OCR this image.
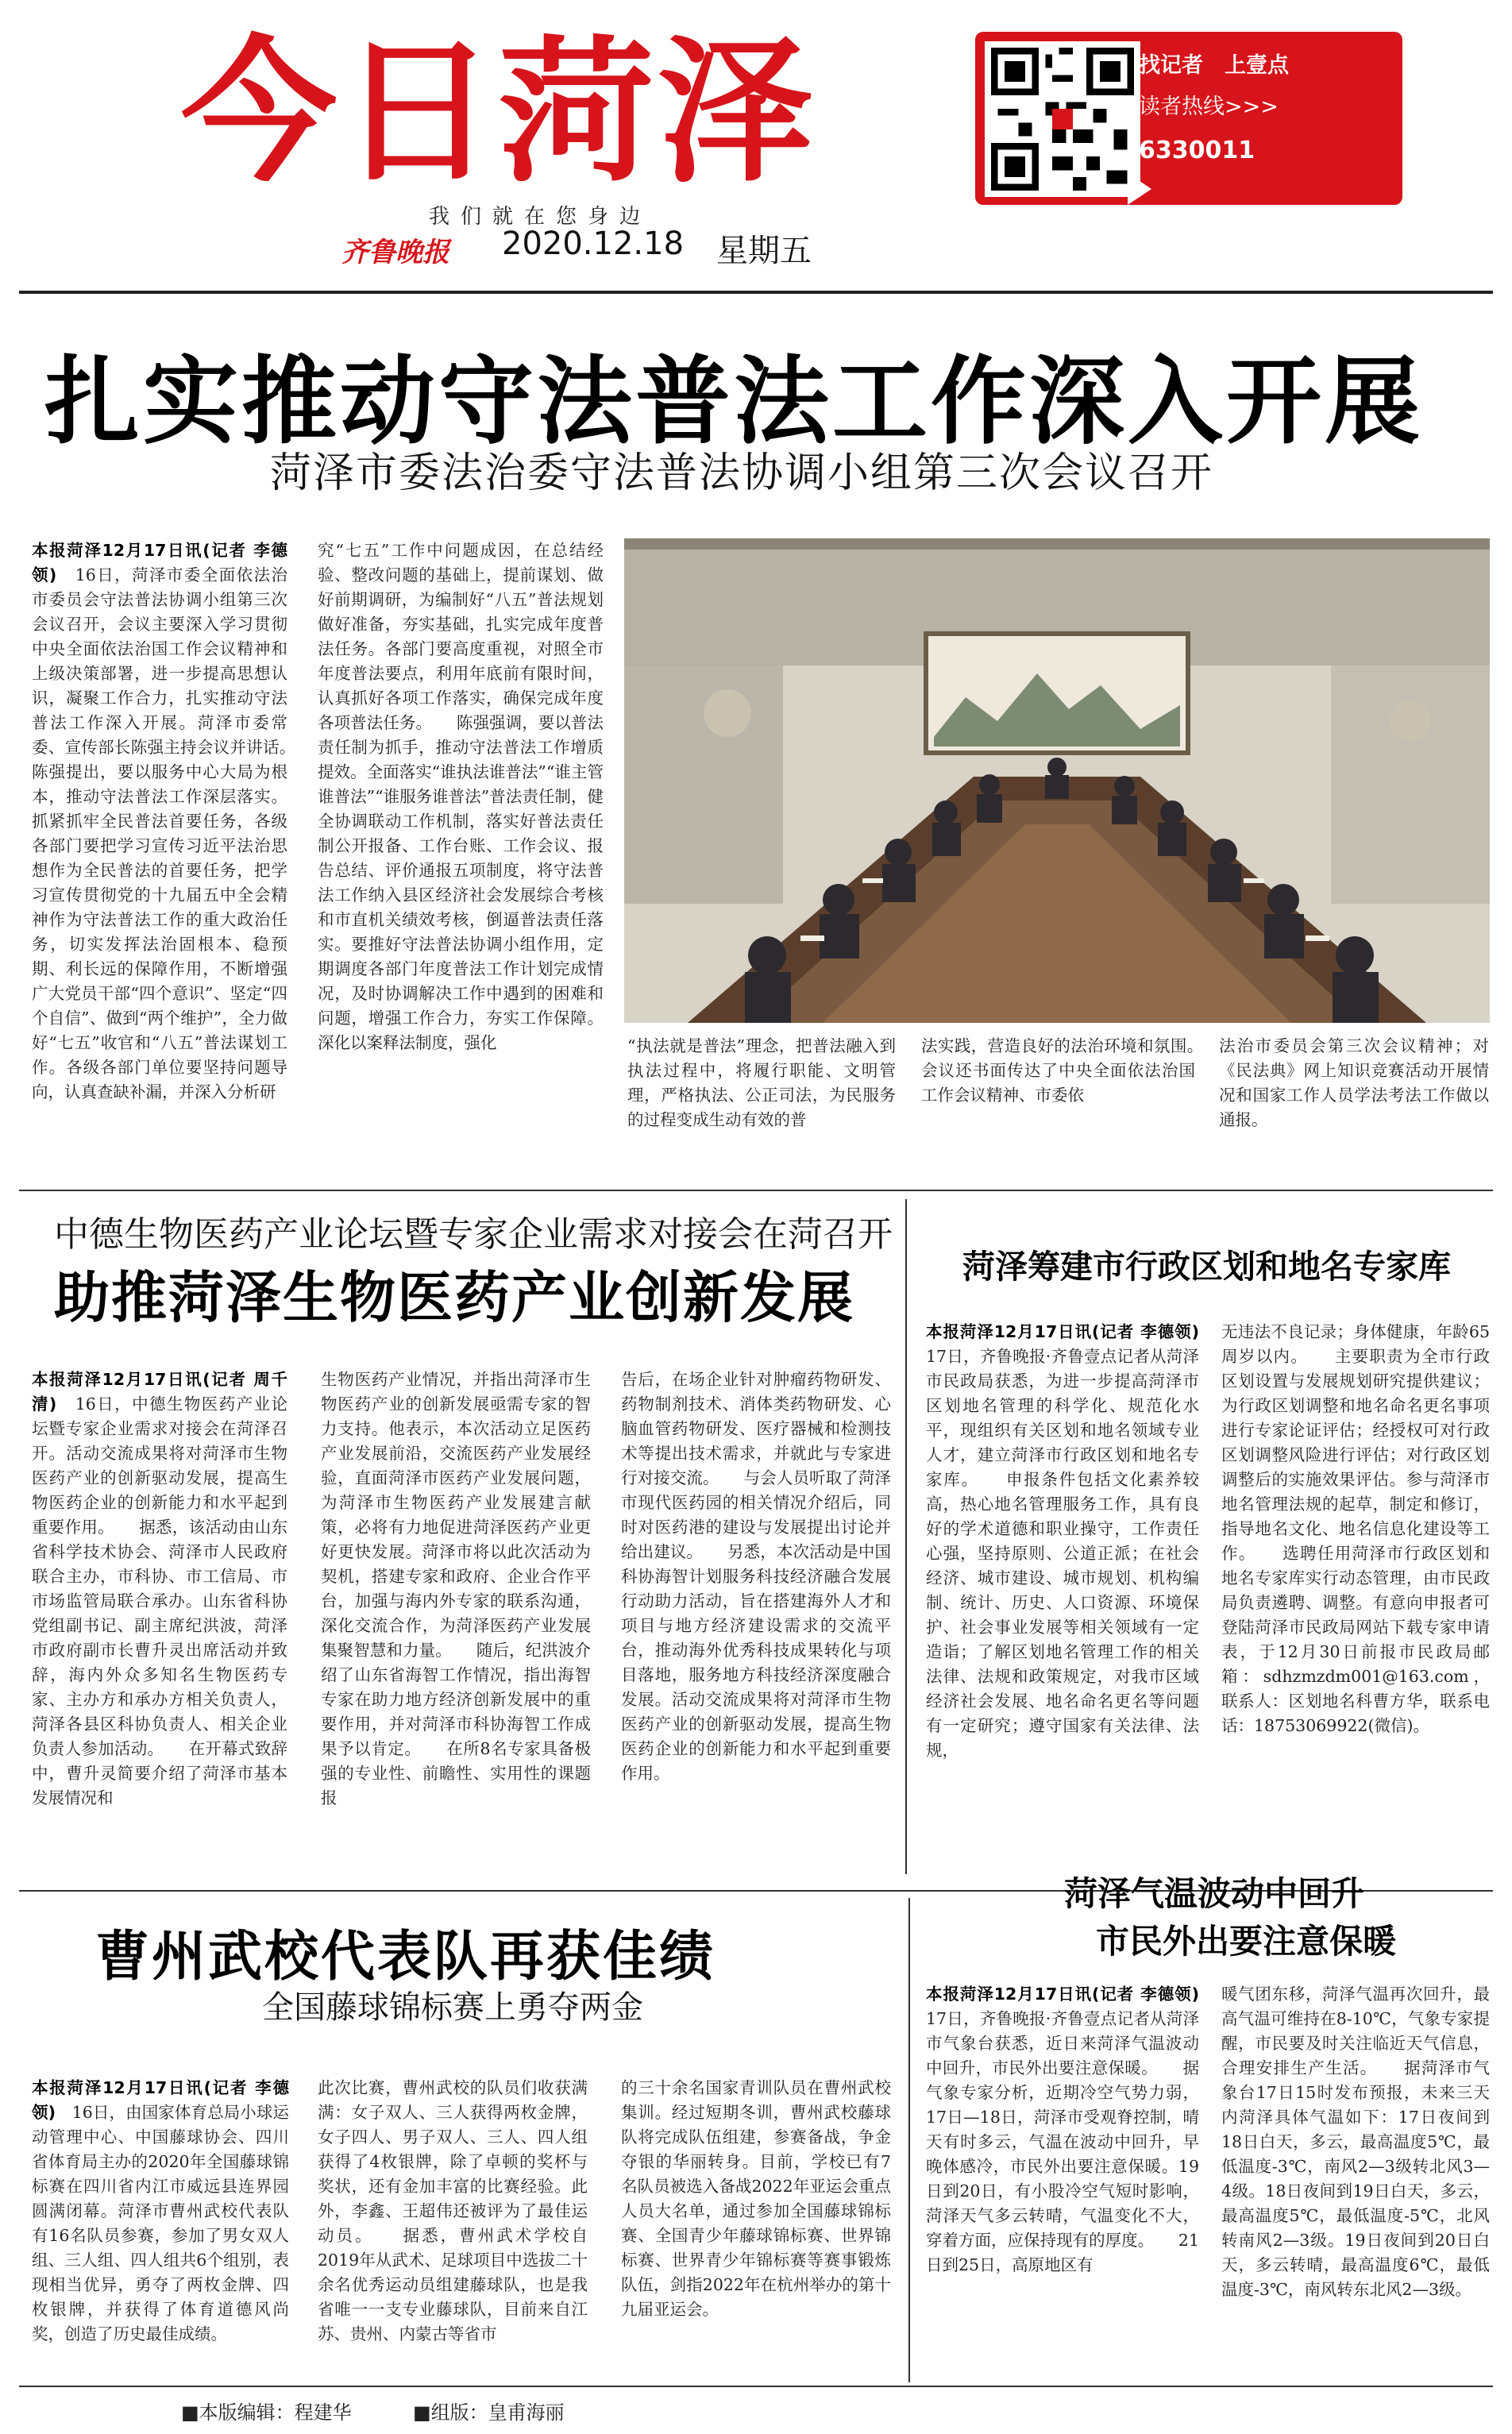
今日菏泽
我们就在您身边
齐鲁晚报 2020.12.18 星期五
找记者　上壹点
读者热线>>>
6330011
扎实推动守法普法工作深入开展
菏泽市委法治委守法普法协调小组第三次会议召开
本报菏泽12月17日讯(记者 李德领)　 16日，菏泽市委全面依法治市委员会守法普法协调小组第三次会议召开，会议主要深入学习贯彻中央全面依法治国工作会议精神和上级决策部署，进一步提高思想认识，凝聚工作合力，扎实推动守法普法工作深入开展。菏泽市委常委、宣传部长陈强主持会议并讲话。　　陈强提出，要以服务中心大局为根本，推动守法普法工作深层落实。抓紧抓牢全民普法首要任务，各级各部门要把学习宣传习近平法治思想作为全民普法的首要任务，把学习宣传贯彻党的十九届五中全会精神作为守法普法工作的重大政治任务，切实发挥法治固根本、稳预期、利长远的保障作用，不断增强广大党员干部“四个意识”、坚定“四个自信”、做到“两个维护”，全力做好“七五”收官和“八五”普法谋划工作。各级各部门单位要坚持问题导向，认真查缺补漏，并深入分析研
究“七五”工作中问题成因，在总结经验、整改问题的基础上，提前谋划、做好前期调研，为编制好“八五”普法规划做好准备，夯实基础，扎实完成年度普法任务。各部门要高度重视，对照全市年度普法要点，利用年底前有限时间，认真抓好各项工作落实，确保完成年度各项普法任务。　　陈强强调，要以普法责任制为抓手，推动守法普法工作增质提效。全面落实“谁执法谁普法”“谁主管谁普法”“谁服务谁普法”普法责任制，健全协调联动工作机制，落实好普法责任制公开报备、工作台账、工作会议、报告总结、评价通报五项制度，将守法普法工作纳入县区经济社会发展综合考核和市直机关绩效考核，倒逼普法责任落实。要推好守法普法协调小组作用，定期调度各部门年度普法工作计划完成情况，及时协调解决工作中遇到的困难和问题，增强工作合力，夯实工作保障。深化以案释法制度，强化	“执法就是普法”理念，把普法融入到执法过程中，将履行职能、文明管理，严格执法、公正司法，为民服务的过程变成生动有效的普
法实践，营造良好的法治环境和氛围。　　会议还书面传达了中央全面依法治国工作会议精神、市委依
法治市委员会第三次会议精神；对《民法典》网上知识竞赛活动开展情况和国家工作人员学法考法工作做以通报。
中德生物医药产业论坛暨专家企业需求对接会在菏召开
助推菏泽生物医药产业创新发展
本报菏泽12月17日讯(记者 周千清)　 16日，中德生物医药产业论坛暨专家企业需求对接会在菏泽召开。活动交流成果将对菏泽市生物医药产业的创新驱动发展，提高生物医药企业的创新能力和水平起到重要作用。　　据悉，该活动由山东省科学技术协会、菏泽市人民政府联合主办，市科协、市工信局、市市场监管局联合承办。山东省科协党组副书记、副主席纪洪波，菏泽市政府副市长曹升灵出席活动并致辞，海内外众多知名生物医药专家、主办方和承办方相关负责人，菏泽各县区科协负责人、相关企业负责人参加活动。　　在开幕式致辞中，曹升灵简要介绍了菏泽市基本发展情况和
生物医药产业情况，并指出菏泽市生物医药产业的创新发展亟需专家的智力支持。他表示，本次活动立足医药产业发展前沿，交流医药产业发展经验，直面菏泽市医药产业发展问题，为菏泽市生物医药产业发展建言献策，必将有力地促进菏泽医药产业更好更快发展。菏泽市将以此次活动为契机，搭建专家和政府、企业合作平台，加强与海内外专家的联系沟通，深化交流合作，为菏泽医药产业发展集聚智慧和力量。　　随后，纪洪波介绍了山东省海智工作情况，指出海智专家在助力地方经济创新发展中的重要作用，并对菏泽市科协海智工作成果予以肯定。　　在所8名专家具备极强的专业性、前瞻性、实用性的课题报
告后，在场企业针对肿瘤药物研发、药物制剂技术、消体类药物研发、心脑血管药物研发、医疗器械和检测技术等提出技术需求，并就此与专家进行对接交流。　　与会人员听取了菏泽市现代医药园的相关情况介绍后，同时对医药港的建设与发展提出讨论并给出建议。　　另悉，本次活动是中国科协海智计划服务科技经济融合发展行动助力活动，旨在搭建海外人才和项目与地方经济建设需求的交流平台，推动海外优秀科技成果转化与项目落地，服务地方科技经济深度融合发展。活动交流成果将对菏泽市生物医药产业的创新驱动发展，提高生物医药企业的创新能力和水平起到重要作用。
菏泽筹建市行政区划和地名专家库
本报菏泽12月17日讯(记者 李德领)　17日，齐鲁晚报·齐鲁壹点记者从菏泽市民政局获悉，为进一步提高菏泽市区划地名管理的科学化、规范化水平，现组织有关区划和地名领域专业人才，建立菏泽市行政区划和地名专家库。　　申报条件包括文化素养较高，热心地名管理服务工作，具有良好的学术道德和职业操守，工作责任心强，坚持原则、公道正派；在社会经济、城市建设、城市规划、机构编制、统计、历史、人口资源、环境保护、社会事业发展等相关领域有一定造诣；了解区划地名管理工作的相关法律、法规和政策规定，对我市区域经济社会发展、地名命名更名等问题有一定研究；遵守国家有关法律、法规，
无违法不良记录；身体健康，年龄65周岁以内。　　主要职责为全市行政区划设置与发展规划研究提供建议；为行政区划调整和地名命名更名事项进行专家论证评估；经授权可对行政区划调整风险进行评估；对行政区划调整后的实施效果评估。参与菏泽市地名管理法规的起草，制定和修订，指导地名文化、地名信息化建设等工作。　　选聘任用菏泽市行政区划和地名专家库实行动态管理，由市民政局负责遴聘、调整。有意向申报者可登陆菏泽市民政局网站下载专家申请表，于12月30日前报市民政局邮箱：sdhzmzdm001@163.com，联系人：区划地名科曹方华，联系电话：18753069922(微信)。
曹州武校代表队再获佳绩
全国藤球锦标赛上勇夺两金
本报菏泽12月17日讯(记者 李德领)　 16日，由国家体育总局小球运动管理中心、中国藤球协会、四川省体育局主办的2020年全国藤球锦标赛在四川省内江市威远县连界园圆满闭幕。菏泽市曹州武校代表队有16名队员参赛，参加了男女双人组、三人组、四人组共6个组别，表现相当优异，勇夺了两枚金牌、四枚银牌，并获得了体育道德风尚奖，创造了历史最佳成绩。
此次比赛，曹州武校的队员们收获满满：女子双人、三人获得两枚金牌，女子四人、男子双人、三人、四人组获得了4枚银牌，除了卓顿的奖杯与奖状，还有金加丰富的比赛经验。此外，李鑫、王超伟还被评为了最佳运动员。　　据悉，曹州武术学校自2019年从武术、足球项目中选拔二十余名优秀运动员组建藤球队，也是我省唯一一支专业藤球队，目前来自江苏、贵州、内蒙古等省市
的三十余名国家青训队员在曹州武校集训。经过短期冬训，曹州武校藤球队将完成队伍组建，参赛备战，争金夺银的华丽转身。目前，学校已有7名队员被选入备战2022年亚运会重点人员大名单，通过参加全国藤球锦标赛、全国青少年藤球锦标赛、世界锦标赛、世界青少年锦标赛等赛事锻炼队伍，剑指2022年在杭州举办的第十九届亚运会。
菏泽气温波动中回升
市民外出要注意保暖
本报菏泽12月17日讯(记者 李德领)　17日，齐鲁晚报·齐鲁壹点记者从菏泽市气象台获悉，近日来菏泽气温波动中回升，市民外出要注意保暖。　　据气象专家分析，近期冷空气势力弱，17日—18日，菏泽市受观脊控制，晴天有时多云，气温在波动中回升，早晚体感冷，市民外出要注意保暖。19日到20日，有小股冷空气短时影响，菏泽天气多云转晴，气温变化不大，穿着方面，应保持现有的厚度。　　21日到25日，高原地区有
暖气团东移，菏泽气温再次回升，最高气温可维持在8-10℃，气象专家提醒，市民要及时关注临近天气信息，合理安排生产生活。　　据菏泽市气象台17日15时发布预报，未来三天内菏泽具体气温如下：17日夜间到18日白天，多云，最高温度5℃，最低温度-3℃，南风2—3级转北风3—4级。18日夜间到19日白天，多云，最高温度5℃，最低温度-5℃，北风转南风2—3级。19日夜间到20日白天，多云转晴，最高温度6℃，最低温度-3℃，南风转东北风2—3级。
■本版编辑：程建华	■组版：皇甫海丽
